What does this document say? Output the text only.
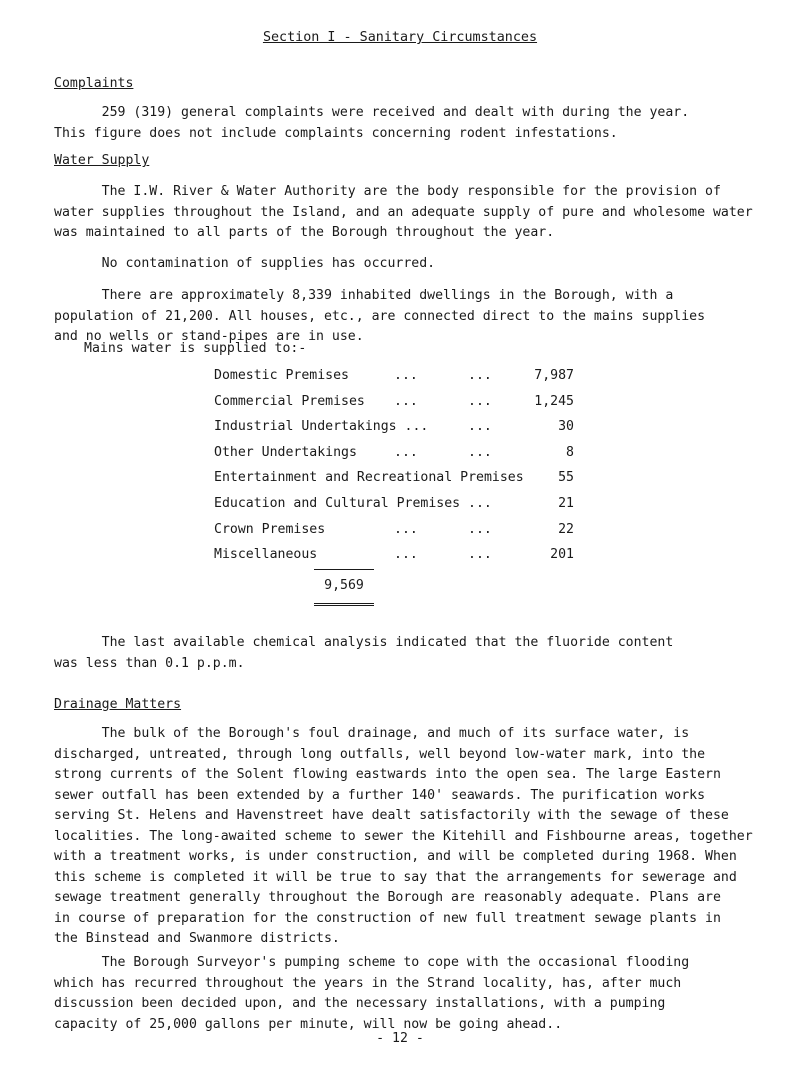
Section I - Sanitary Circumstances
Complaints
259 (319) general complaints were received and dealt with during the year.
This figure does not include complaints concerning rodent infestations.
Water Supply
The I.W. River & Water Authority are the body responsible for the provision of
water supplies throughout the Island, and an adequate supply of pure and wholesome water
was maintained to all parts of the Borough throughout the year.
No contamination of supplies has occurred.
There are approximately 8,339 inhabited dwellings in the Borough, with a
population of 21,200. All houses, etc., are connected direct to the mains supplies
and no wells or stand-pipes are in use.
Mains water is supplied to:-
Domestic Premises	...	...	7,987
Commercial Premises ...	...	1,245
Industrial Undertakings ...	...	30
Other Undertakings	...	...	8
Entertainment and Recreational Premises	55
Education and Cultural Premises ...	21
Crown Premises	...	...	22
Miscellaneous	...	...	201
9,569
The last available chemical analysis indicated that the fluoride content
was less than 0.1 p.p.m.
Drainage Matters
The bulk of the Borough's foul drainage, and much of its surface water, is
discharged, untreated, through long outfalls, well beyond low-water mark, into the
strong currents of the Solent flowing eastwards into the open sea. The large Eastern
sewer outfall has been extended by a further 140' seawards. The purification works
serving St. Helens and Havenstreet have dealt satisfactorily with the sewage of these
localities. The long-awaited scheme to sewer the Kitehill and Fishbourne areas, together
with a treatment works, is under construction, and will be completed during 1968. When
this scheme is completed it will be true to say that the arrangements for sewerage and
sewage treatment generally throughout the Borough are reasonably adequate. Plans are
in course of preparation for the construction of new full treatment sewage plants in
the Binstead and Swanmore districts.
The Borough Surveyor's pumping scheme to cope with the occasional flooding
which has recurred throughout the years in the Strand locality, has, after much
discussion been decided upon, and the necessary installations, with a pumping
capacity of 25,000 gallons per minute, will now be going ahead..
- 12 -
